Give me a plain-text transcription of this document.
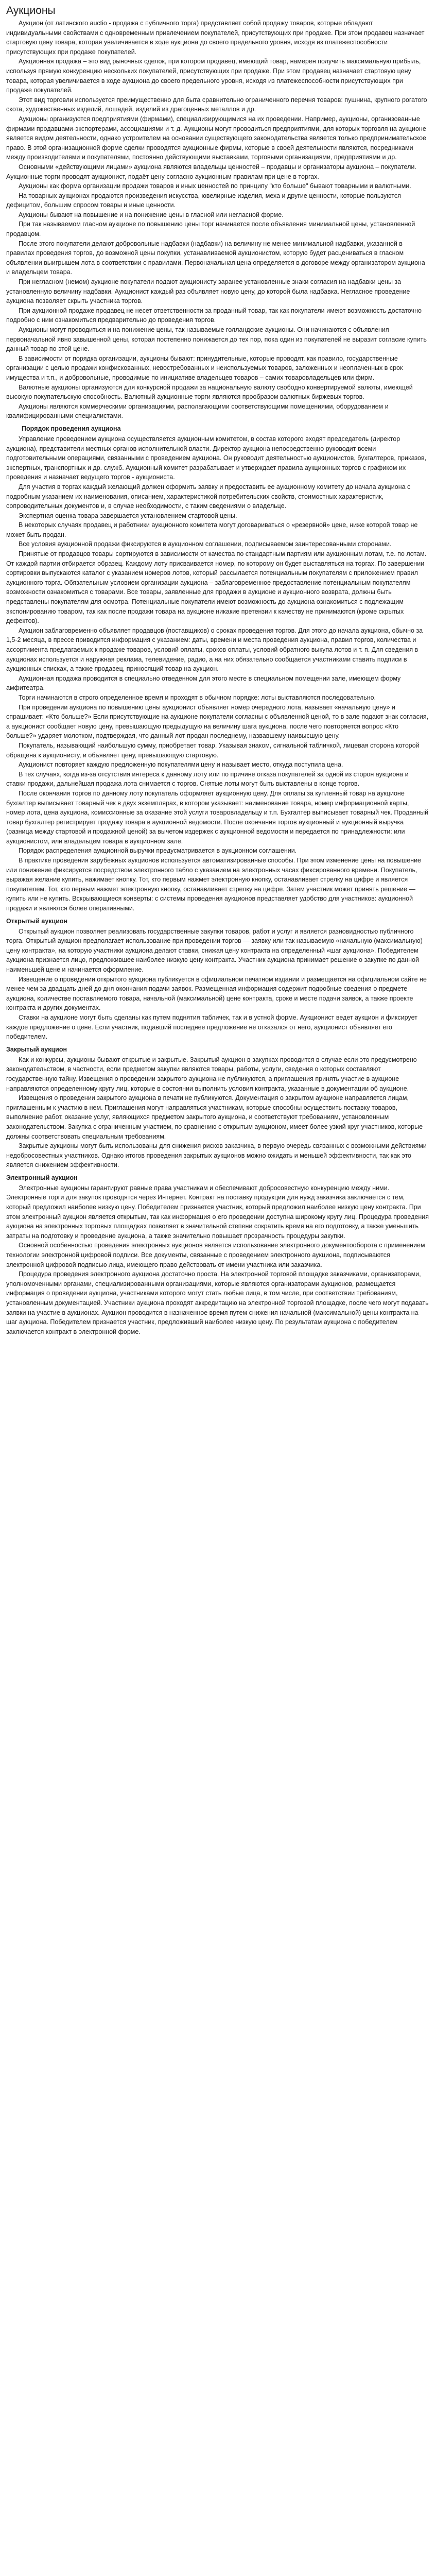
Аукционы

Аукцион (от латинского auctio - продажа с публичного торга) представляет собой продажу товаров, которые обладают индивидуальными свойствами с одновременным привлечением покупателей, присутствующих при продаже. При этом продавец назначает стартовую цену товара, которая увеличивается в ходе аукциона до своего предельного уровня, исходя из платежеспособности присутствующих при продаже покупателей.

Аукционная продажа – это вид рыночных сделок, при котором продавец, имеющий товар, намерен получить максимальную прибыль, используя прямую конкуренцию нескольких покупателей, присутствующих при продаже. При этом продавец назначает стартовую цену товара, которая увеличивается в ходе аукциона до своего предельного уровня, исходя из платежеспособности присутствующих при продаже покупателей.

Этот вид торговли используется преимущественно для быта сравнительно ограниченного перечня товаров: пушнина, крупного рогатого скота, художественных изделий, лошадей, изделий из драгоценных металлов и др.

Аукционы организуются предприятиями (фирмами), специализирующимися на их проведении. Например, аукционы, организованные фирмами продавцами-экспортерами, ассоциациями и т. д. Аукционы могут проводиться предприятиями, для которых торговля на аукционе является видом деятельности, однако устроителем на основании существующего законодательства является только предпринимательское право. В этой организационной форме сделки проводятся аукционные фирмы, которые в своей деятельности являются, посредниками между производителями и покупателями, постоянно действующими выставками, торговыми организациями, предприятиями и др.

Основными «действующими лицами» аукциона являются владельцы ценностей – продавцы и организаторы аукциона – покупатели. Аукционные торги проводят аукционист, подаёт цену согласно аукционным правилам при цене в торгах.

Аукционы как форма организации продажи товаров и иных ценностей по принципу "кто больше" бывают товарными и валютными.

На товарных аукционах продаются произведения искусства, ювелирные изделия, меха и другие ценности, которые пользуются дефицитом, большим спросом товары и иные ценности.

Аукционы бывают на повышение и на понижение цены в гласной или негласной форме.

При так называемом гласном аукционе по повышению цены торг начинается после объявления минимальной цены, установленной продавцом.

После этого покупатели делают добровольные надбавки (надбавки) на величину не менее минимальной надбавки, указанной в правилах проведения торгов, до возможной цены покупки, устанавливаемой аукционистом, которую будет расцениваться в гласном объявлении выигрышем лота в соответствии с правилами. Первоначальная цена определяется в договоре между организатором аукциона и владельцем товара.

При негласном (немом) аукционе покупатели подают аукционисту заранее установленные знаки согласия на надбавки цены за установленную величину надбавки. Аукционист каждый раз объявляет новую цену, до которой была надбавка. Негласное проведение аукциона позволяет скрыть участника торгов.

При аукционной продаже продавец не несет ответственности за проданный товар, так как покупатели имеют возможность достаточно подробно с ним ознакомиться предварительно до проведения торгов.

Аукционы могут проводиться и на понижение цены, так называемые голландские аукционы. Они начинаются с объявления первоначальной явно завышенной цены, которая постепенно понижается до тех пор, пока один из покупателей не выразит согласие купить данный товар по этой цене.

В зависимости от порядка организации, аукционы бывают: принудительные, которые проводят, как правило, государственные организации с целью продажи конфискованных, невостребованных и неиспользуемых товаров, заложенных и неоплаченных в срок имущества и т.п., и добровольные, проводимые по инициативе владельцев товаров – самих товаровладельцев или фирм.

Валютные аукционы организуются для конкурсной продажи за национальную валюту свободно конвертируемой валюты, имеющей высокую покупательскую способность. Валютный аукционные торги являются прообразом валютных биржевых торгов.

Аукционы являются коммерческими организациями, располагающими соответствующими помещениями, оборудованием и квалифицированными специалистами.

Порядок проведения аукциона

Управление проведением аукциона осуществляется аукционным комитетом, в состав которого входят председатель (директор аукциона), представители местных органов исполнительной власти. Директор аукциона непосредственно руководит всеми подготовительными операциями, связанными с проведением аукциона. Он руководит деятельностью аукционистов, бухгалтеров, приказов, экспертных, транспортных и др. служб. Аукционный комитет разрабатывает и утверждает правила аукционных торгов с графиком их проведения и назначает ведущего торгов - аукциониста.

Для участия в торгах каждый желающий должен оформить заявку и предоставить ее аукционному комитету до начала аукциона с подробным указанием их наименования, описанием, характеристикой потребительских свойств, стоимостных характеристик, сопроводительных документов и, в случае необходимости, с таким сведениями о владельце.

Экспертная оценка товара завершается установлением стартовой цены.

В некоторых случаях продавец и работники аукционного комитета могут договариваться о «резервной» цене, ниже которой товар не может быть продан.

Все условия аукционной продажи фиксируются в аукционном соглашении, подписываемом заинтересованными сторонами.

Принятые от продавцов товары сортируются в зависимости от качества по стандартным партиям или аукционным лотам, т.е. по лотам. От каждой партии отбирается образец. Каждому лоту присваивается номер, по которому он будет выставляться на торгах. По завершении сортировки выпускаются каталог с указанием номеров лотов, который рассылается потенциальным покупателям с приложением правил аукционного торга. Обязательным условием организации аукциона – заблаговременное предоставление потенциальным покупателям возможности ознакомиться с товарами. Все товары, заявленные для продажи в аукционе и аукционного возврата, должны быть представлены покупателям для осмотра. Потенциальные покупатели имеют возможность до аукциона ознакомиться с подлежащим экспонированию товаром, так как после продажи товара на аукционе никакие претензии к качеству не принимаются (кроме скрытых дефектов).

Аукцион заблаговременно объявляет продавцов (поставщиков) о сроках проведения торгов. Для этого до начала аукциона, обычно за 1,5-2 месяца, в прессе приводится информация с указанием: даты, времени и места проведения аукциона, правил торгов, количества и ассортимента предлагаемых к продаже товаров, условий оплаты, сроков оплаты, условий обратного выкупа лотов и т. п. Для сведения в аукционах используется и наружная реклама, телевидение, радио, а на них обязательно сообщается участниками ставить подписи в аукционных списках, а также продавец, приносящий товар на аукцион.

Аукционная продажа проводится в специально отведенном для этого месте в специальном помещении зале, имеющем форму амфитеатра.

Торги начинаются в строго определенное время и проходят в обычном порядке: лоты выставляются последовательно.

При проведении аукциона по повышению цены аукционист объявляет номер очередного лота, называет «начальную цену» и спрашивает: «Кто больше?» Если присутствующие на аукционе покупатели согласны с объявленной ценой, то в зале подают знак согласия, а аукционист сообщает новую цену, превышающую предыдущую на величину шага аукциона, после чего повторяется вопрос «Кто больше?» ударяет молотком, подтверждая, что данный лот продан последнему, назвавшему наивысшую цену.

Покупатель, называющий наибольшую сумму, приобретает товар. Указывая знаком, сигнальной табличкой, лицевая сторона которой обращена к аукционисту, и объявляет цену, превышающую стартовую.

Аукционист повторяет каждую предложенную покупателями цену и называет место, откуда поступила цена.

В тех случаях, когда из-за отсутствия интереса к данному лоту или по причине отказа покупателей за одной из сторон аукциона и ставки продажи, дальнейшая продажа лота снимается с торгов. Снятые лоты могут быть выставлены в конце торгов.

После окончания торгов по данному лоту покупатель оформляет аукционную цену. Для оплаты за купленный товар на аукционе бухгалтер выписывает товарный чек в двух экземплярах, в котором указывает: наименование товара, номер информационной карты, номер лота, цена аукциона, комиссионные за оказание этой услуги товаровладельцу и т.п. Бухгалтер выписывает товарный чек. Проданный товар бухгалтер регистрирует продажу товара в аукционной ведомости. После окончания торгов аукционный и аукционный выручка (разница между стартовой и продажной ценой) за вычетом издержек с аукционной ведомости и передается по принадлежности: или аукционистом, или владельцем товара в аукционном зале.

Порядок распределения аукционной выручки предусматривается в аукционном соглашении.

В практике проведения зарубежных аукционов используется автоматизированные способы. При этом изменение цены на повышение или понижение фиксируется посредством электронного табло с указанием на электронных часах фиксированного времени. Покупатель, выражая желание купить, нажимает кнопку. Тот, кто первым нажмет электронную кнопку, останавливает стрелку на цифре и является покупателем. Тот, кто первым нажмет электронную кнопку, останавливает стрелку на цифре. Затем участник может принять решение — купить или не купить. Вскрывающиеся конверты: с системы проведения аукционов представляет удобство для участников: аукционной продажи и являются более оперативными.

Открытый аукцион

Открытый аукцион позволяет реализовать государственные закупки товаров, работ и услуг и является разновидностью публичного торга. Открытый аукцион предполагает использование при проведении торгов — заявку или так называемую «начальную (максимальную) цену контракта», на которую участники аукциона делают ставки, снижая цену контракта на определенный «шаг аукциона». Победителем аукциона признается лицо, предложившее наиболее низкую цену контракта. Участник аукциона принимает решение о закупке по данной наименьшей цене и начинается оформление.

Извещение о проведении открытого аукциона публикуется в официальном печатном издании и размещается на официальном сайте не менее чем за двадцать дней до дня окончания подачи заявок. Размещенная информация содержит подробные сведения о предмете аукциона, количестве поставляемого товара, начальной (максимальной) цене контракта, сроке и месте подачи заявок, а также проекте контракта и других документах.

Ставки на аукционе могут быть сделаны как путем поднятия табличек, так и в устной форме. Аукционист ведет аукцион и фиксирует каждое предложение о цене. Если участник, подавший последнее предложение не отказался от него, аукционист объявляет его победителем.

Закрытый аукцион

Как и конкурсы, аукционы бывают открытые и закрытые. Закрытый аукцион в закупках проводится в случае если это предусмотрено законодательством, в частности, если предметом закупки являются товары, работы, услуги, сведения о которых составляют государственную тайну. Извещения о проведении закрытого аукциона не публикуются, а приглашения принять участие в аукционе направляются определенному кругу лиц, которые в состоянии выполнить условия контракта, указанные в документации об аукционе.

Извещения о проведении закрытого аукциона в печати не публикуются. Документация о закрытом аукционе направляется лицам, приглашенным к участию в нем. Приглашения могут направляться участникам, которые способны осуществить поставку товаров, выполнение работ, оказание услуг, являющихся предметом закрытого аукциона, и соответствуют требованиям, установленным законодательством. Закупка с ограниченным участием, по сравнению с открытым аукционом, имеет более узкий круг участников, которые должны соответствовать специальным требованиям.

Закрытые аукционы могут быть использованы для снижения рисков заказчика, в первую очередь связанных с возможными действиями недобросовестных участников. Однако итогов проведения закрытых аукционов можно ожидать и меньшей эффективности, так как это является снижением эффективности.

Электронный аукцион

Электронные аукционы гарантируют равные права участникам и обеспечивают добросовестную конкуренцию между ними. Электронные торги для закупок проводятся через Интернет. Контракт на поставку продукции для нужд заказчика заключается с тем, который предложил наиболее низкую цену. Победителем признается участник, который предложил наиболее низкую цену контракта. При этом электронный аукцион является открытым, так как информация о его проведении доступна широкому кругу лиц. Процедура проведения аукциона на электронных торговых площадках позволяет в значительной степени сократить время на его подготовку, а также уменьшить затраты на подготовку и проведение аукциона, а также значительно повышает прозрачность процедуры закупки.

Основной особенностью проведения электронных аукционов является использование электронного документооборота с применением технологии электронной цифровой подписи. Все документы, связанные с проведением электронного аукциона, подписываются электронной цифровой подписью лица, имеющего право действовать от имени участника или заказчика.

Процедура проведения электронного аукциона достаточно проста. На электронной торговой площадке заказчиками, организаторами, уполномоченными органами, специализированными организациями, которые являются организаторами аукционов, размещается информация о проведении аукциона, участниками которого могут стать любые лица, в том числе, при соответствии требованиям, установленным документацией. Участники аукциона проходят аккредитацию на электронной торговой площадке, после чего могут подавать заявки на участие в аукционах. Аукцион проводится в назначенное время путем снижения начальной (максимальной) цены контракта на шаг аукциона. Победителем признается участник, предложивший наиболее низкую цену. По результатам аукциона с победителем заключается контракт в электронной форме.
